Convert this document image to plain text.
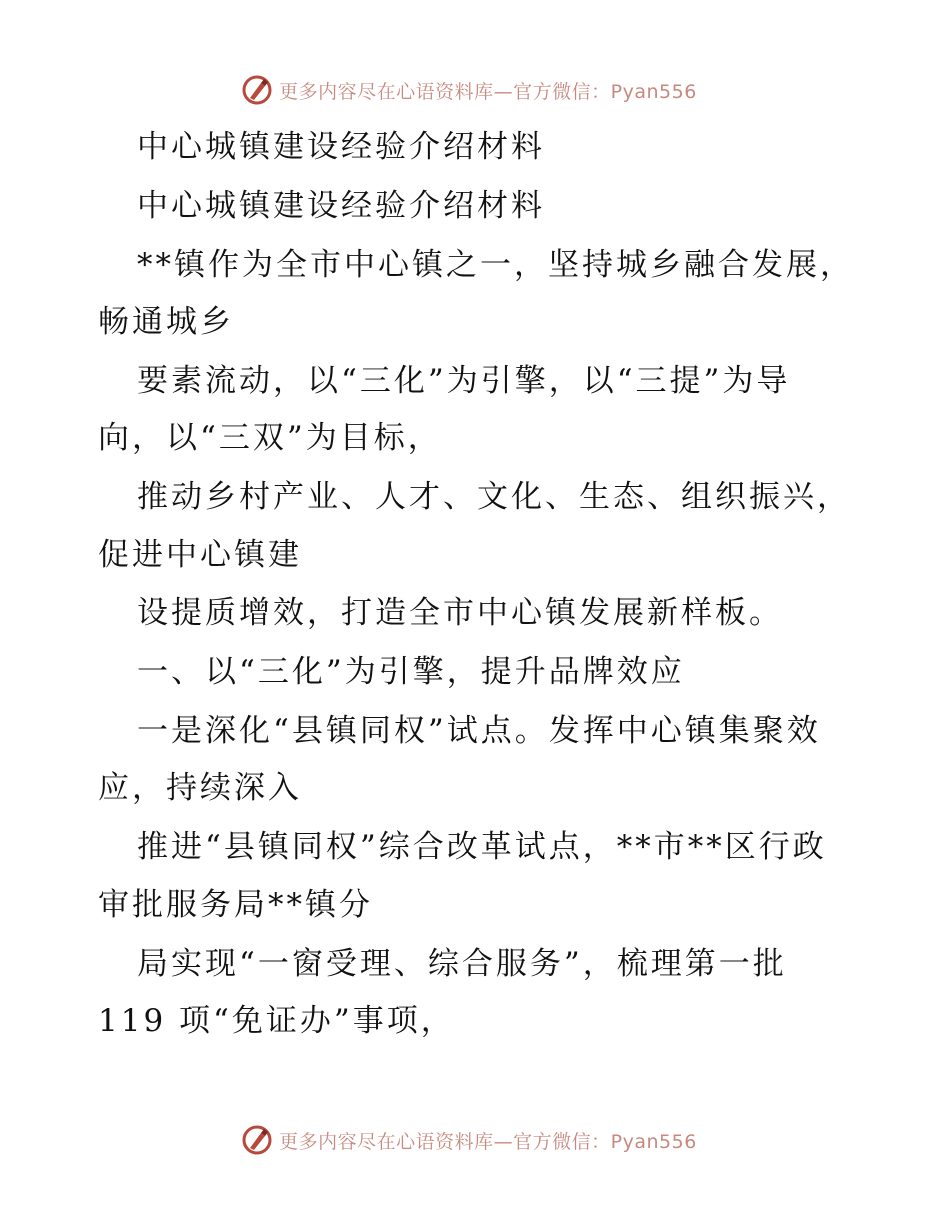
更多内容尽在心语资料库—官方微信：Pyan556
中心城镇建设经验介绍材料
中心城镇建设经验介绍材料
**镇作为全市中心镇之一，坚持城乡融合发展，
畅通城乡
要素流动，以“三化”为引擎，以“三提”为导
向，以“三双”为目标，
推动乡村产业、人才、文化、生态、组织振兴，
促进中心镇建
设提质增效，打造全市中心镇发展新样板。
一、以“三化”为引擎，提升品牌效应
一是深化“县镇同权”试点。发挥中心镇集聚效
应，持续深入
推进“县镇同权”综合改革试点，**市**区行政
审批服务局**镇分
局实现“一窗受理、综合服务”，梳理第一批
119 项“免证办”事项，
更多内容尽在心语资料库—官方微信：Pyan556
